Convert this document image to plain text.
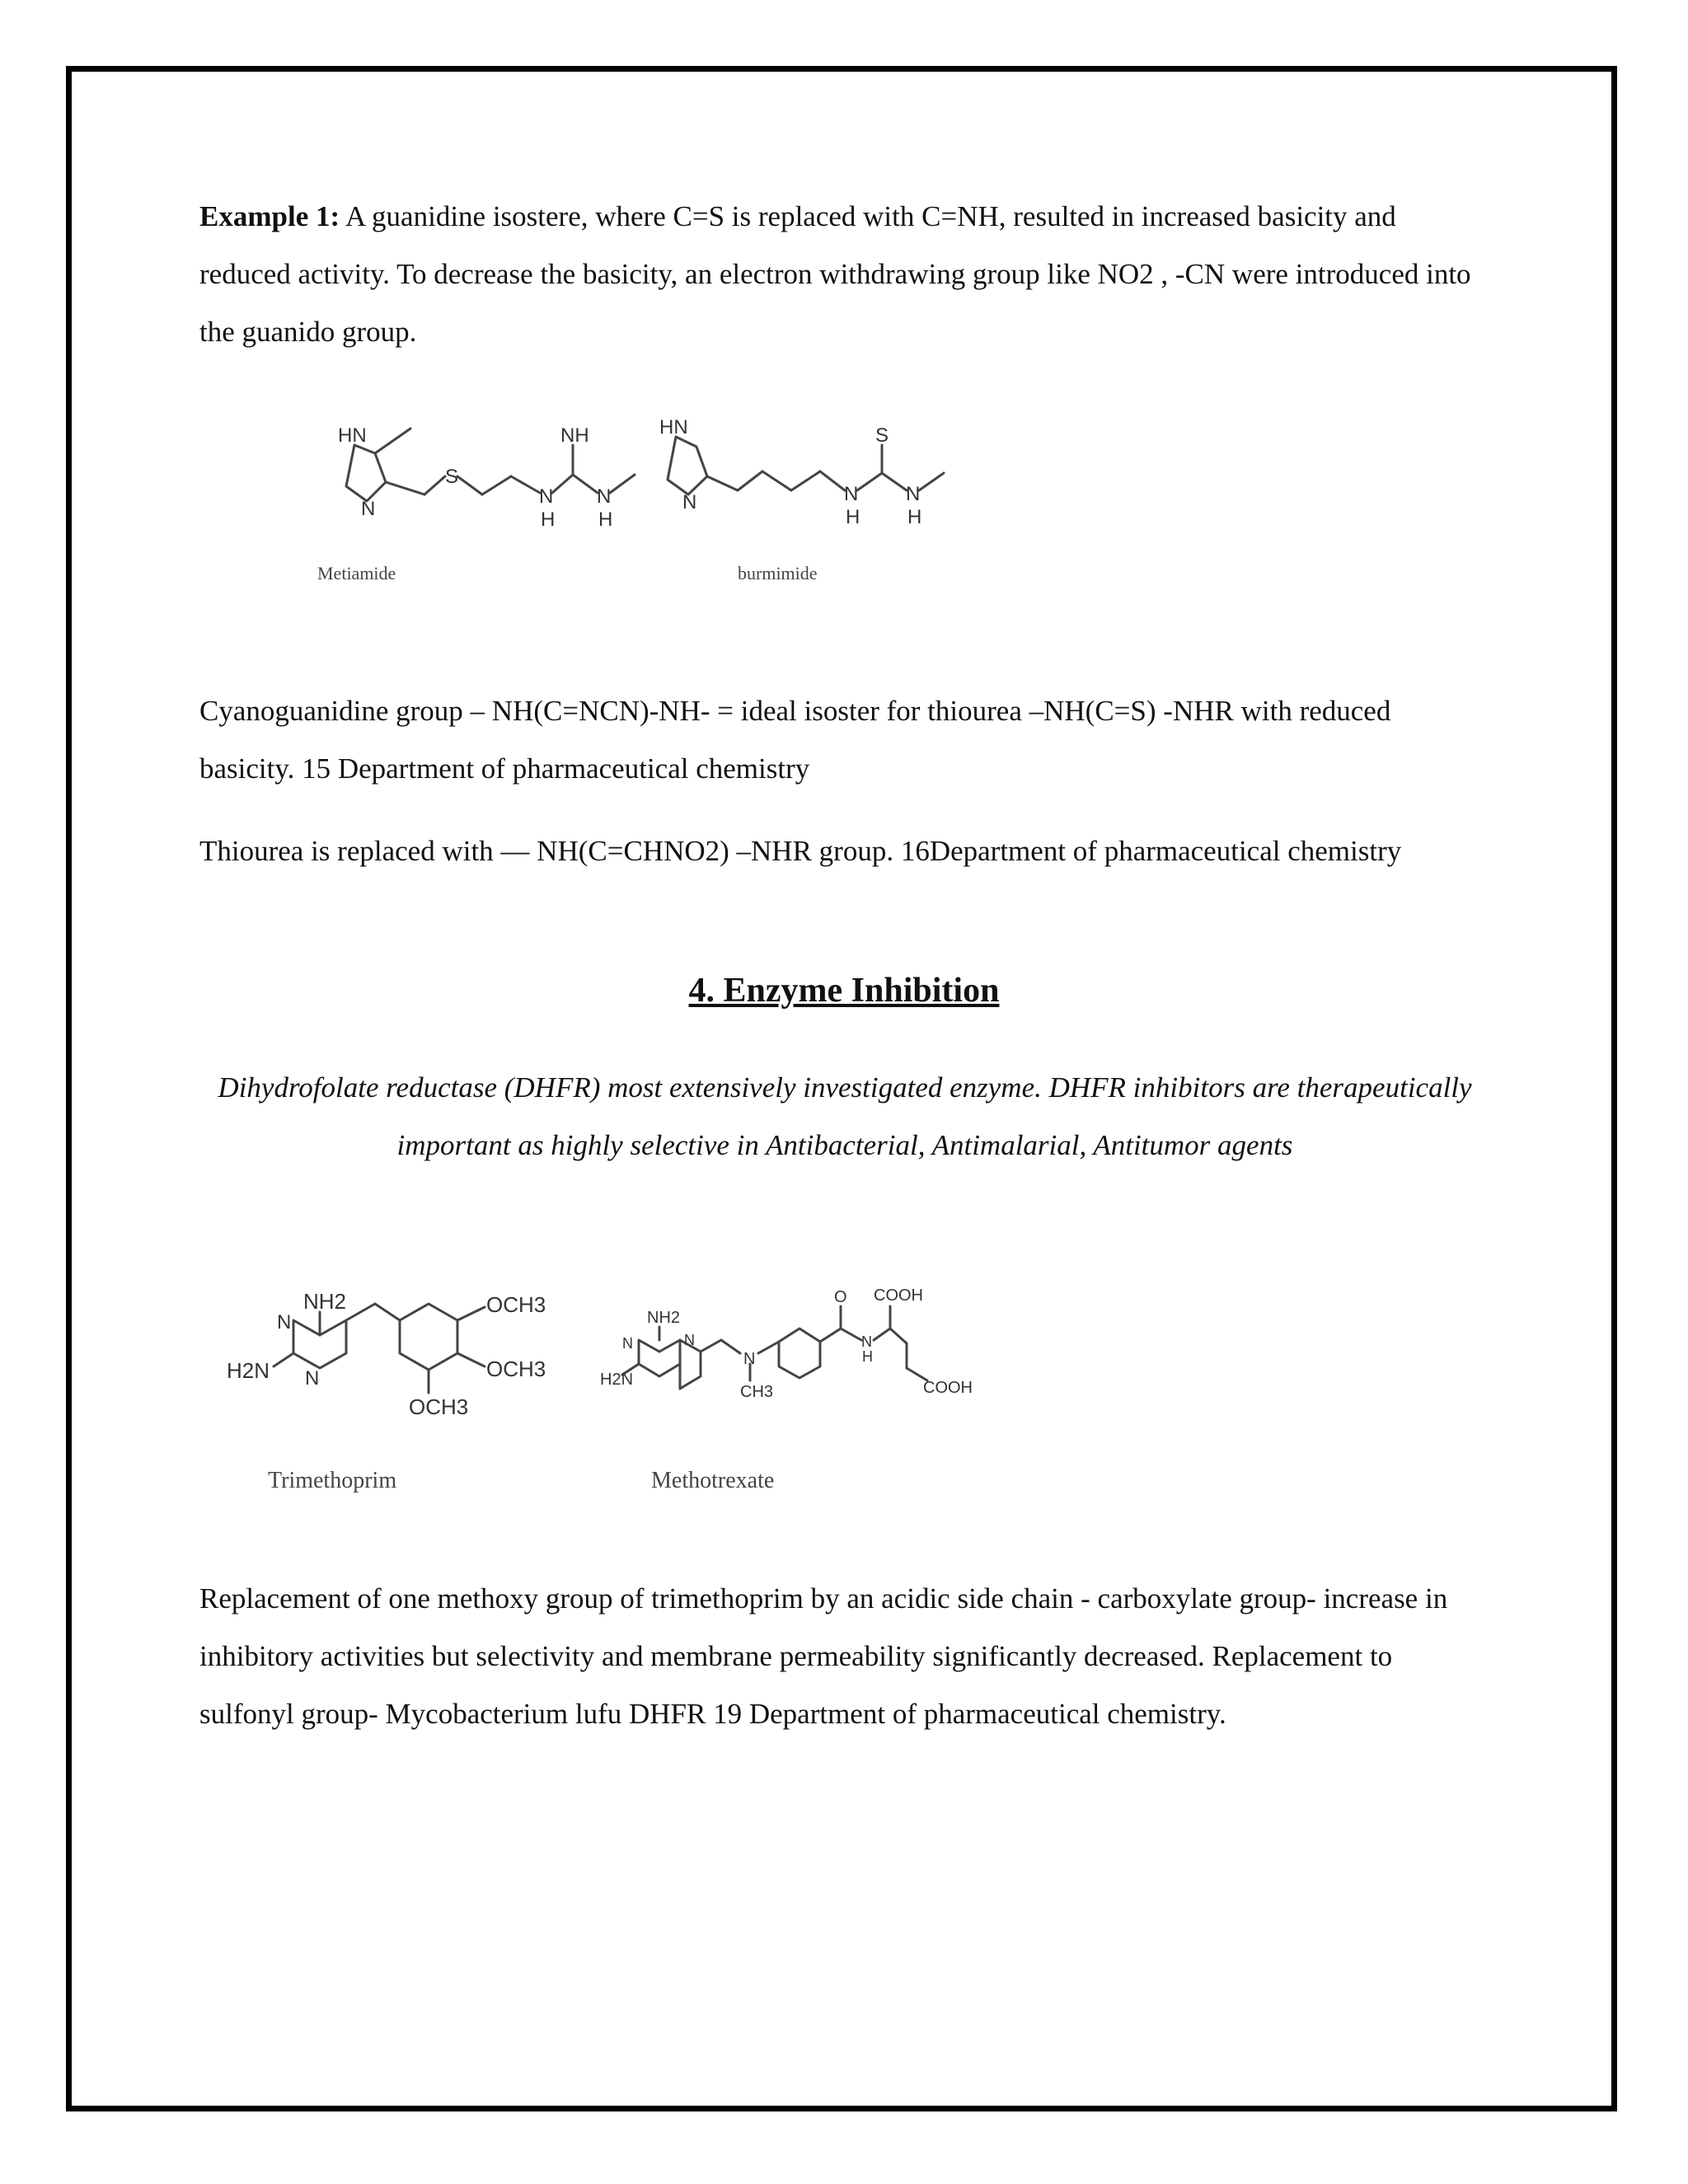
Example 1: A guanidine isostere, where C=S is replaced with C=NH, resulted in increased basicity and reduced activity. To decrease the basicity, an electron withdrawing group like NO2 , -CN were introduced into the guanido group.

HN
N
S
NH
N
H
N
H
Metiamide
HN
N
S
N
H
N
H
burmimide

Cyanoguanidine group – NH(C=NCN)-NH- = ideal isoster for thiourea –NH(C=S) -NHR with reduced basicity. 15 Department of pharmaceutical chemistry

Thiourea is replaced with –– NH(C=CHNO2) –NHR group. 16Department of pharmaceutical chemistry

4. Enzyme Inhibition

Dihydrofolate reductase (DHFR) most extensively investigated enzyme. DHFR inhibitors are therapeutically important as highly selective in Antibacterial, Antimalarial, Antitumor agents

NH2
N
N
H2N
OCH3
OCH3
OCH3
Trimethoprim
NH2
H2N
N	N
N
CH3
O
N
H
COOH
COOH
Methotrexate

Replacement of one methoxy group of trimethoprim by an acidic side chain - carboxylate group- increase in inhibitory activities but selectivity and membrane permeability significantly decreased. Replacement to sulfonyl group- Mycobacterium lufu DHFR 19 Department of pharmaceutical chemistry.
